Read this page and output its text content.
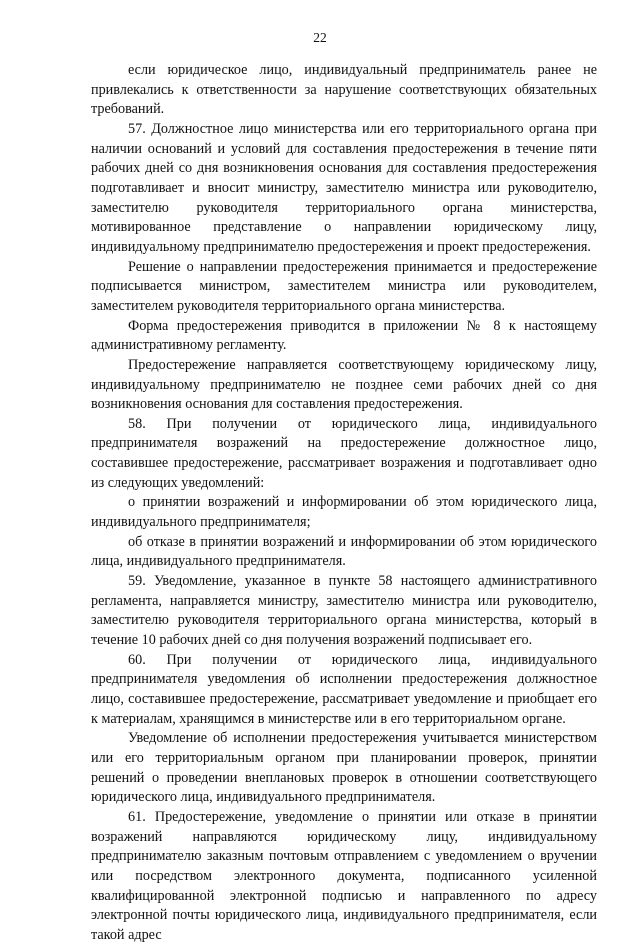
22

если юридическое лицо, индивидуальный предприниматель ранее не привлекались к ответственности за нарушение соответствующих обязательных требований.

57. Должностное лицо министерства или его территориального органа при наличии оснований и условий для составления предостережения в течение пяти рабочих дней со дня возникновения основания для составления предостережения подготавливает и вносит министру, заместителю министра или руководителю, заместителю руководителя территориального органа министерства, мотивированное представление о направлении юридическому лицу, индивидуальному предпринимателю предостережения и проект предостережения.

Решение о направлении предостережения принимается и предостережение подписывается министром, заместителем министра или руководителем, заместителем руководителя территориального органа министерства.

Форма предостережения приводится в приложении № 8 к настоящему административному регламенту.

Предостережение направляется соответствующему юридическому лицу, индивидуальному предпринимателю не позднее семи рабочих дней со дня возникновения основания для составления предостережения.

58. При получении от юридического лица, индивидуального предпринимателя возражений на предостережение должностное лицо, составившее предостережение, рассматривает возражения и подготавливает одно из следующих уведомлений:

о принятии возражений и информировании об этом юридического лица, индивидуального предпринимателя;

об отказе в принятии возражений и информировании об этом юридического лица, индивидуального предпринимателя.

59. Уведомление, указанное в пункте 58 настоящего административного регламента, направляется министру, заместителю министра или руководителю, заместителю руководителя территориального органа министерства, который в течение 10 рабочих дней со дня получения возражений подписывает его.

60. При получении от юридического лица, индивидуального предпринимателя уведомления об исполнении предостережения должностное лицо, составившее предостережение, рассматривает уведомление и приобщает его к материалам, хранящимся в министерстве или в его территориальном органе.

Уведомление об исполнении предостережения учитывается министерством или его территориальным органом при планировании проверок, принятии решений о проведении внеплановых проверок в отношении соответствующего юридического лица, индивидуального предпринимателя.

61. Предостережение, уведомление о принятии или отказе в принятии возражений направляются юридическому лицу, индивидуальному предпринимателю заказным почтовым отправлением с уведомлением о вручении или посредством электронного документа, подписанного усиленной квалифицированной электронной подписью и направленного по адресу электронной почты юридического лица, индивидуального предпринимателя, если такой адрес
